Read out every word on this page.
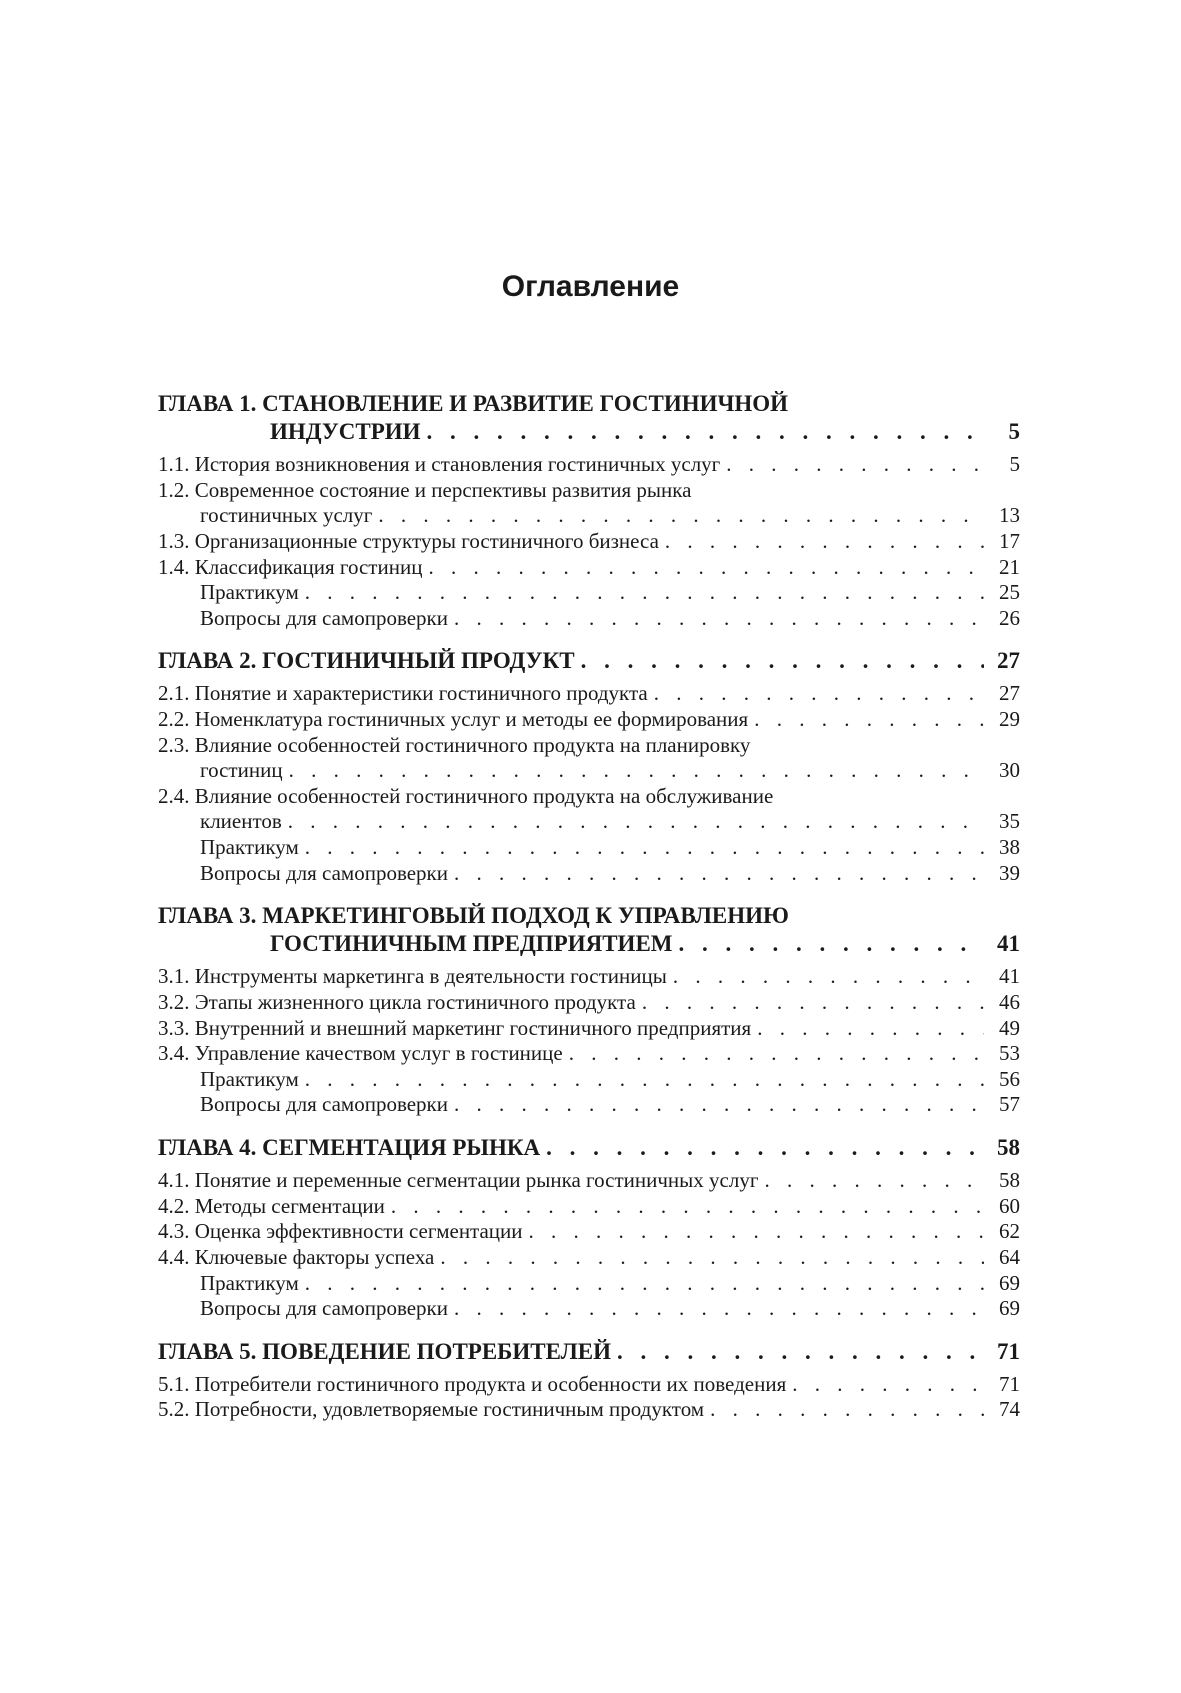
Оглавление
ГЛАВА 1. СТАНОВЛЕНИЕ И РАЗВИТИЕ ГОСТИНИЧНОЙ
ИНДУСТРИИ . . .	5
1.1. История возникновения и становления гостиничных услуг . . .	5
1.2. Современное состояние и перспективы развития рынка
гостиничных услуг . . .	13
1.3. Организационные структуры гостиничного бизнеса . . .	17
1.4. Классификация гостиниц . . .	21
Практикум . . .	25
Вопросы для самопроверки . . .	26
ГЛАВА 2. ГОСТИНИЧНЫЙ ПРОДУКТ . . .	27
2.1. Понятие и характеристики гостиничного продукта . . .	27
2.2. Номенклатура гостиничных услуг и методы ее формирования . . .	29
2.3. Влияние особенностей гостиничного продукта на планировку
гостиниц . . .	30
2.4. Влияние особенностей гостиничного продукта на обслуживание
клиентов . . .	35
Практикум . . .	38
Вопросы для самопроверки . . .	39
ГЛАВА 3. МАРКЕТИНГОВЫЙ ПОДХОД К УПРАВЛЕНИЮ
ГОСТИНИЧНЫМ ПРЕДПРИЯТИЕМ . . .	41
3.1. Инструменты маркетинга в деятельности гостиницы . . .	41
3.2. Этапы жизненного цикла гостиничного продукта . . .	46
3.3. Внутренний и внешний маркетинг гостиничного предприятия . . .	49
3.4. Управление качеством услуг в гостинице . . .	53
Практикум . . .	56
Вопросы для самопроверки . . .	57
ГЛАВА 4. СЕГМЕНТАЦИЯ РЫНКА . . .	58
4.1. Понятие и переменные сегментации рынка гостиничных услуг . . .	58
4.2. Методы сегментации . . .	60
4.3. Оценка эффективности сегментации . . .	62
4.4. Ключевые факторы успеха . . .	64
Практикум . . .	69
Вопросы для самопроверки . . .	69
ГЛАВА 5. ПОВЕДЕНИЕ ПОТРЕБИТЕЛЕЙ . . .	71
5.1. Потребители гостиничного продукта и особенности их поведения . . .	71
5.2. Потребности, удовлетворяемые гостиничным продуктом . . .	74
